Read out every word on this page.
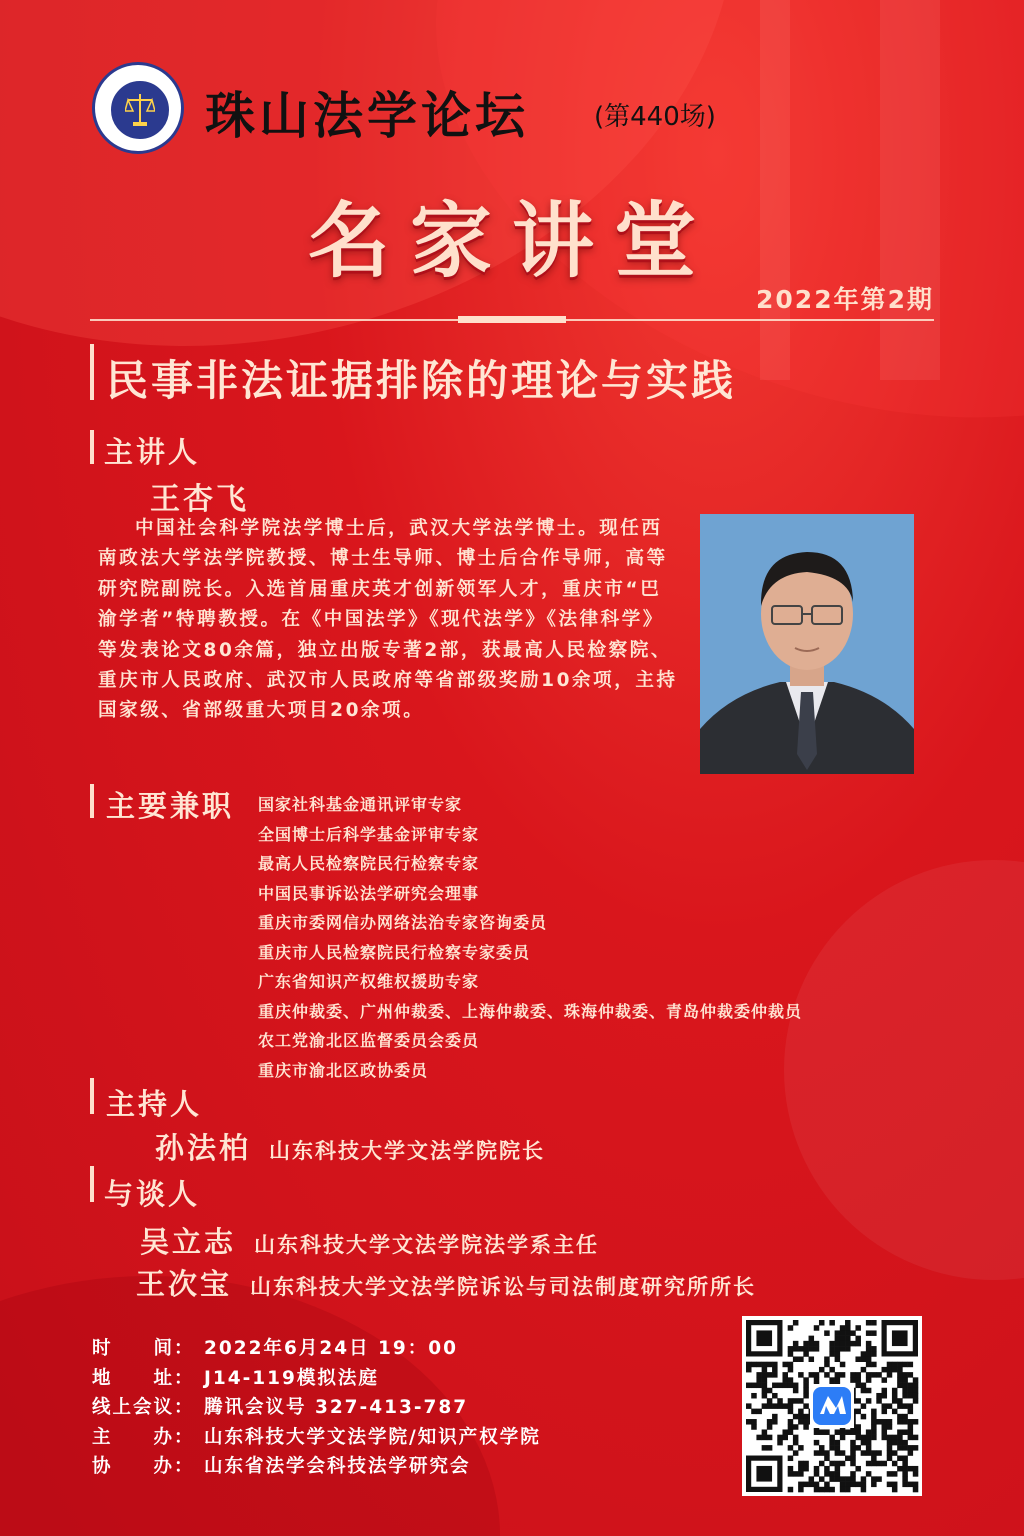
珠山法学论坛	(第440场)
名家讲堂
2022年第2期
民事非法证据排除的理论与实践
主讲人
王杏飞
中国社会科学院法学博士后，武汉大学法学博士。现任西南政法大学法学院教授、博士生导师、博士后合作导师，高等研究院副院长。入选首届重庆英才创新领军人才，重庆市“巴渝学者”特聘教授。在《中国法学》《现代法学》《法律科学》等发表论文80余篇，独立出版专著2部，获最高人民检察院、重庆市人民政府、武汉市人民政府等省部级奖励10余项，主持国家级、省部级重大项目20余项。
主要兼职 国家社科基金通讯评审专家
全国博士后科学基金评审专家
最高人民检察院民行检察专家
中国民事诉讼法学研究会理事
重庆市委网信办网络法治专家咨询委员
重庆市人民检察院民行检察专家委员
广东省知识产权维权援助专家
重庆仲裁委、广州仲裁委、上海仲裁委、珠海仲裁委、青岛仲裁委仲裁员
农工党渝北区监督委员会委员
重庆市渝北区政协委员
主持人
孙法柏 山东科技大学文法学院院长
与谈人
吴立志 山东科技大学文法学院法学系主任
王次宝 山东科技大学文法学院诉讼与司法制度研究所所长
时　　间： 2022年6月24日 19：00
地　　址： J14-119模拟法庭
线上会议： 腾讯会议号 327-413-787
主　　办： 山东科技大学文法学院/知识产权学院
协　　办： 山东省法学会科技法学研究会
